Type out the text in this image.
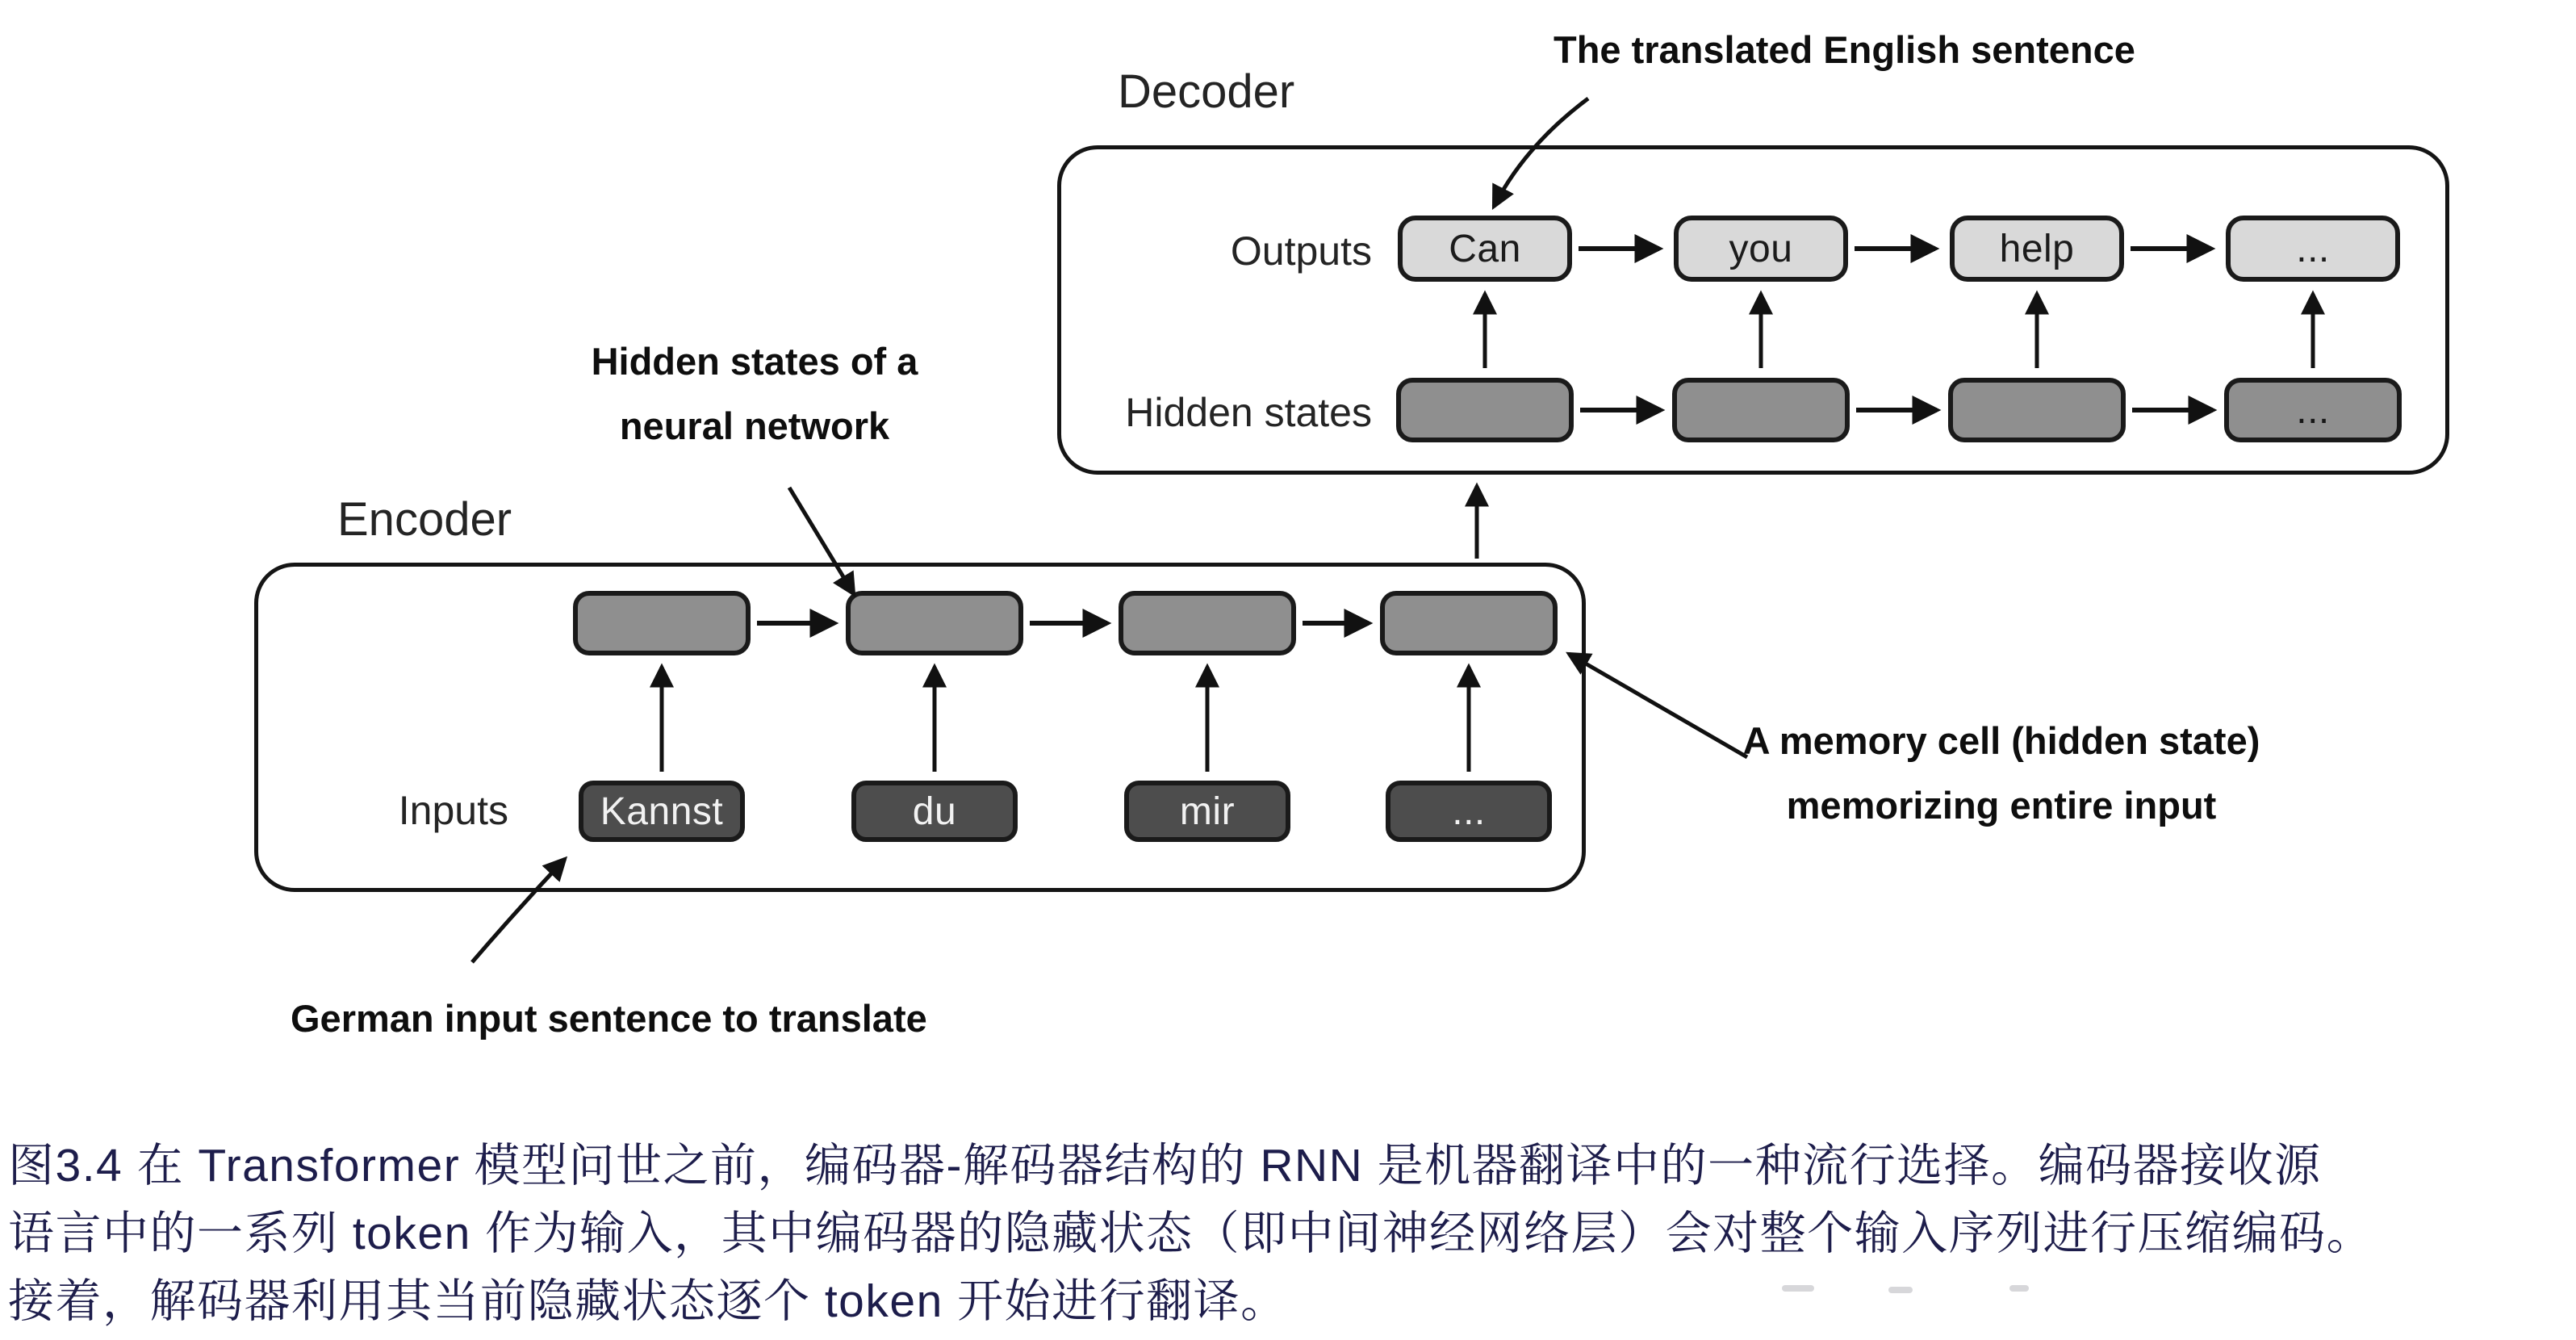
Decoder
The translated English sentence
Outputs
Hidden states
Can	you	help	...
...
Encoder
Hidden states of a
neural network
A memory cell (hidden state)
memorizing entire input
German input sentence to translate
Inputs	Kannst	du	mir	...
图3.4 在 Transformer 模型问世之前，编码器-解码器结构的 RNN 是机器翻译中的一种流行选择。编码器接收源
语言中的一系列 token 作为输入，其中编码器的隐藏状态（即中间神经网络层）会对整个输入序列进行压缩编码。
接着，解码器利用其当前隐藏状态逐个 token 开始进行翻译。
